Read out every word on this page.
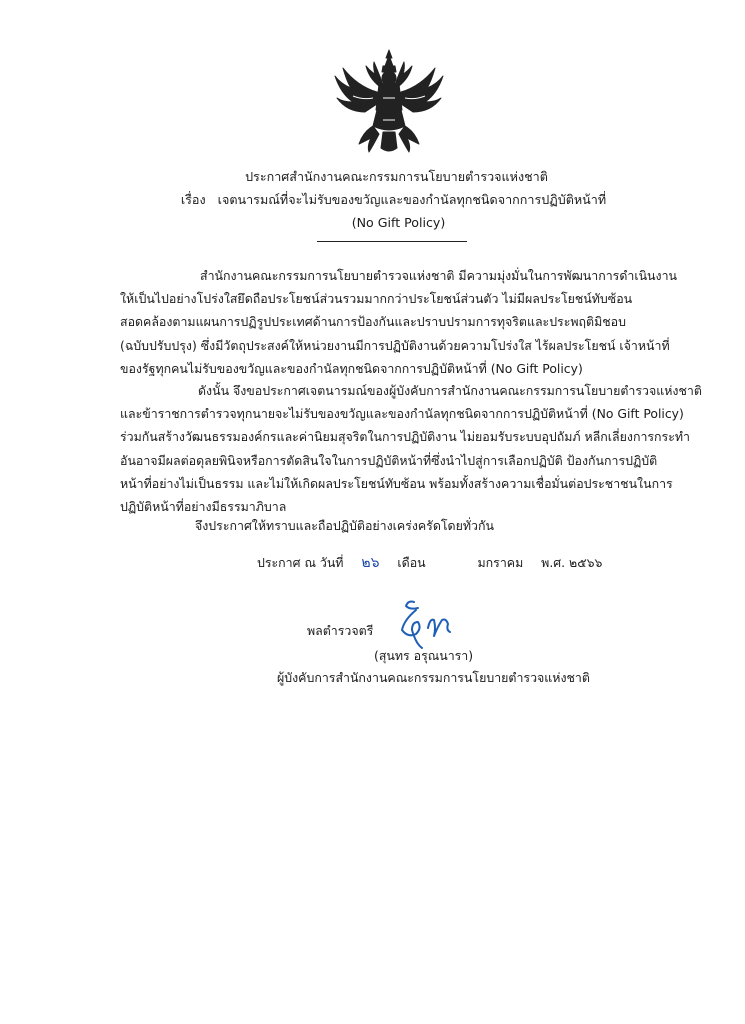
ประกาศสำนักงานคณะกรรมการนโยบายตำรวจแห่งชาติ
เรื่อง เจตนารมณ์ที่จะไม่รับของขวัญและของกำนัลทุกชนิดจากการปฏิบัติหน้าที่
(No Gift Policy)
สำนักงานคณะกรรมการนโยบายตำรวจแห่งชาติ มีความมุ่งมั่นในการพัฒนาการดำเนินงาน
ให้เป็นไปอย่างโปร่งใสยึดถือประโยชน์ส่วนรวมมากกว่าประโยชน์ส่วนตัว ไม่มีผลประโยชน์ทับซ้อน
สอดคล้องตามแผนการปฏิรูปประเทศด้านการป้องกันและปราบปรามการทุจริตและประพฤติมิชอบ
(ฉบับปรับปรุง) ซึ่งมีวัตถุประสงค์ให้หน่วยงานมีการปฏิบัติงานด้วยความโปร่งใส ไร้ผลประโยชน์ เจ้าหน้าที่
ของรัฐทุกคนไม่รับของขวัญและของกำนัลทุกชนิดจากการปฏิบัติหน้าที่ (No Gift Policy)
ดังนั้น จึงขอประกาศเจตนารมณ์ของผู้บังคับการสำนักงานคณะกรรมการนโยบายตำรวจแห่งชาติ
และข้าราชการตำรวจทุกนายจะไม่รับของขวัญและของกำนัลทุกชนิดจากการปฏิบัติหน้าที่ (No Gift Policy)
ร่วมกันสร้างวัฒนธรรมองค์กรและค่านิยมสุจริตในการปฏิบัติงาน ไม่ยอมรับระบบอุปถัมภ์ หลีกเลี่ยงการกระทำ
อันอาจมีผลต่อดุลยพินิจหรือการตัดสินใจในการปฏิบัติหน้าที่ซึ่งนำไปสู่การเลือกปฏิบัติ ป้องกันการปฏิบัติ
หน้าที่อย่างไม่เป็นธรรม และไม่ให้เกิดผลประโยชน์ทับซ้อน พร้อมทั้งสร้างความเชื่อมั่นต่อประชาชนในการ
ปฏิบัติหน้าที่อย่างมีธรรมาภิบาล
จึงประกาศให้ทราบและถือปฏิบัติอย่างเคร่งครัดโดยทั่วกัน
ประกาศ ณ วันที่ ๒๖ เดือน	มกราคม พ.ศ. ๒๕๖๖
พลตำรวจตรี
(สุนทร อรุณนารา)
ผู้บังคับการสำนักงานคณะกรรมการนโยบายตำรวจแห่งชาติ
